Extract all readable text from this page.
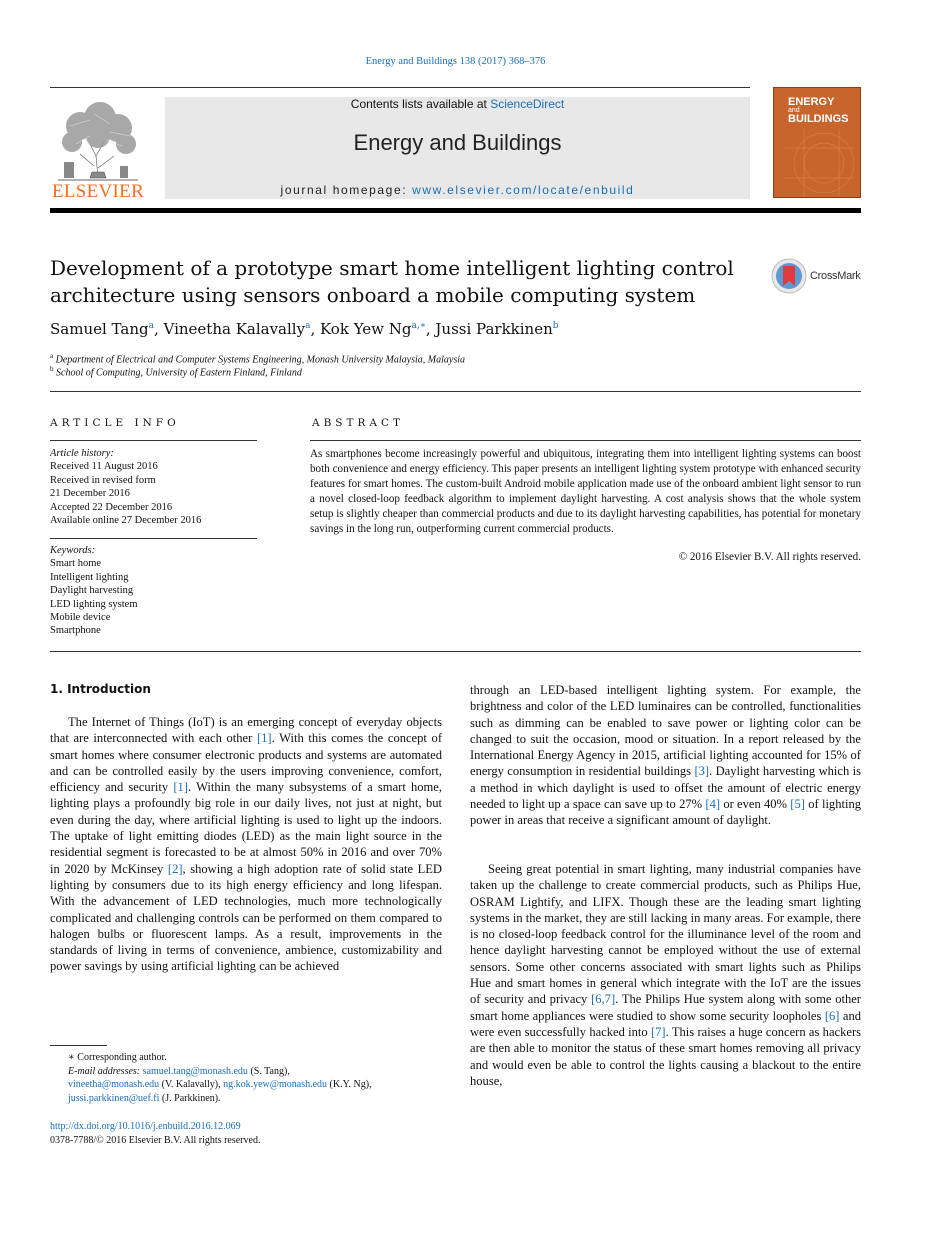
Energy and Buildings 138 (2017) 368–376
ELSEVIER
Contents lists available at ScienceDirect
Energy and Buildings
journal homepage: www.elsevier.com/locate/enbuild
ENERGY
and
BUILDINGS
Development of a prototype smart home intelligent lighting control architecture using sensors onboard a mobile computing system
CrossMark
Samuel Tang$^a$, Vineetha Kalavally$^a$, Kok Yew $Ng^{a,∗}$, Jussi Parkkinen$^b$
$^a$ Department of Electrical and Computer Systems Engineering, Monash University Malaysia, Malaysia
$^b$ School of Computing, University of Eastern Finland, Finland
ARTICLE INFO	ABSTRACT
Article history:
Received 11 August 2016
Received in revised form
21 December 2016
Accepted 22 December 2016
Available online 27 December 2016
Keywords:
Smart home
Intelligent lighting
Daylight harvesting
LED lighting system
Mobile device
Smartphone
As smartphones become increasingly powerful and ubiquitous, integrating them into intelligent lighting systems can boost both convenience and energy efficiency. This paper presents an intelligent lighting system prototype with enhanced security features for smart homes. The custom-built Android mobile application made use of the onboard ambient light sensor to run a novel closed-loop feedback algorithm to implement daylight harvesting. A cost analysis shows that the whole system setup is slightly cheaper than commercial products and due to its daylight harvesting capabilities, has potential for monetary savings in the long run, outperforming current commercial products.
© 2016 Elsevier B.V. All rights reserved.
1. Introduction
The Internet of Things (IoT) is an emerging concept of everyday objects that are interconnected with each other [1]. With this comes the concept of smart homes where consumer electronic products and systems are automated and can be controlled easily by the users improving convenience, comfort, efficiency and security [1]. Within the many subsystems of a smart home, lighting plays a profoundly big role in our daily lives, not just at night, but even during the day, where artificial lighting is used to light up the indoors. The uptake of light emitting diodes (LED) as the main light source in the residential segment is forecasted to be at almost 50% in 2016 and over 70% in 2020 by McKinsey [2], showing a high adoption rate of solid state LED lighting by consumers due to its high energy efficiency and long lifespan. With the advancement of LED technologies, much more technologically complicated and challenging controls can be performed on them compared to halogen bulbs or fluorescent lamps. As a result, improvements in the standards of living in terms of convenience, ambience, customizability and power savings by using artificial lighting can be achieved
through an LED-based intelligent lighting system. For example, the brightness and color of the LED luminaires can be controlled, functionalities such as dimming can be enabled to save power or lighting color can be changed to suit the occasion, mood or situation. In a report released by the International Energy Agency in 2015, artificial lighting accounted for 15% of energy consumption in residential buildings [3]. Daylight harvesting which is a method in which daylight is used to offset the amount of electric energy needed to light up a space can save up to 27% [4] or even 40% [5] of lighting power in areas that receive a significant amount of daylight.
Seeing great potential in smart lighting, many industrial companies have taken up the challenge to create commercial products, such as Philips Hue, OSRAM Lightify, and LIFX. Though these are the leading smart lighting systems in the market, they are still lacking in many areas. For example, there is no closed-loop feedback control for the illuminance level of the room and hence daylight harvesting cannot be employed without the use of external sensors. Some other concerns associated with smart lights such as Philips Hue and smart homes in general which integrate with the IoT are the issues of security and privacy [6,7]. The Philips Hue system along with some other smart home appliances were studied to show some security loopholes [6] and were even successfully hacked into [7]. This raises a huge concern as hackers are then able to monitor the status of these smart homes removing all privacy and would even be able to control the lights causing a blackout to the entire house,
∗ Corresponding author.
E-mail addresses: samuel.tang@monash.edu (S. Tang),
vineetha@monash.edu (V. Kalavally), ng.kok.yew@monash.edu (K.Y. Ng),
jussi.parkkinen@uef.fi (J. Parkkinen).
http://dx.doi.org/10.1016/j.enbuild.2016.12.069
0378-7788/© 2016 Elsevier B.V. All rights reserved.
